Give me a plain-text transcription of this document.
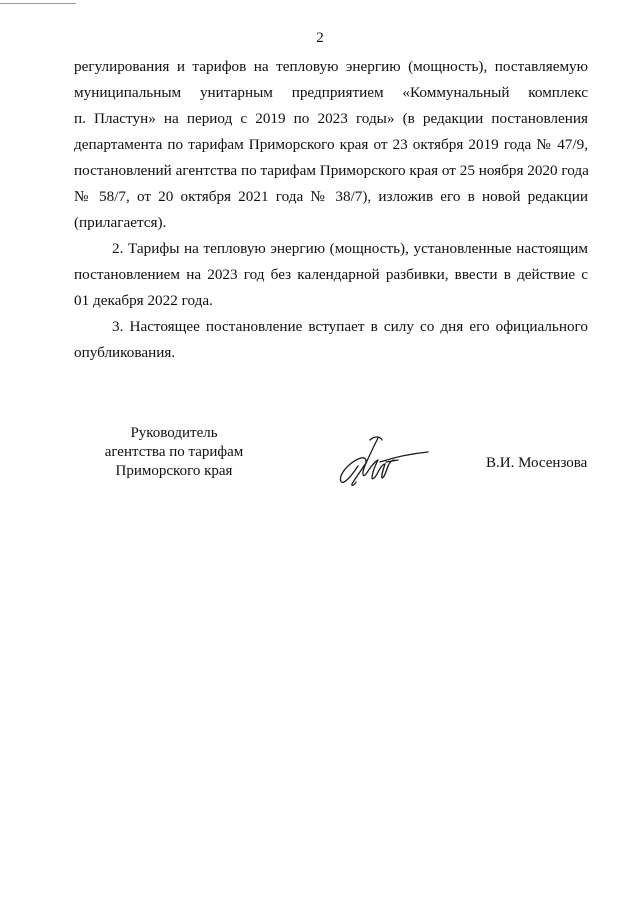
2
регулирования и тарифов на тепловую энергию (мощность), поставляемую
муниципальным унитарным предприятием «Коммунальный комплекс
п. Пластун» на период с 2019 по 2023 годы» (в редакции постановления
департамента по тарифам Приморского края от 23 октября 2019 года № 47/9,
постановлений агентства по тарифам Приморского края от 25 ноября 2020 года
№ 58/7, от 20 октября 2021 года № 38/7), изложив его в новой редакции
(прилагается).
2. Тарифы на тепловую энергию (мощность), установленные настоящим
постановлением на 2023 год без календарной разбивки, ввести в действие с
01 декабря 2022 года.
3. Настоящее постановление вступает в силу со дня его официального
опубликования.
Руководитель
агентства по тарифам
Приморского края	В.И. Мосензова
